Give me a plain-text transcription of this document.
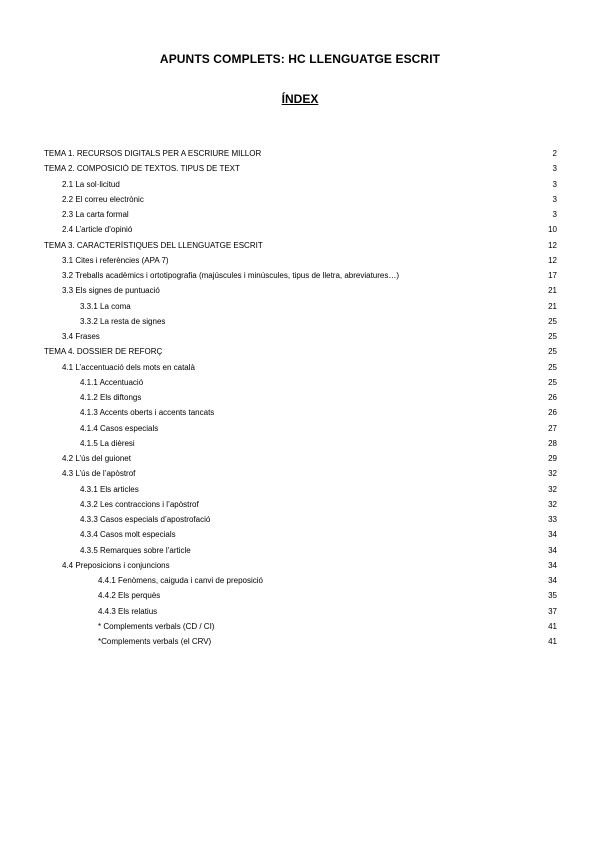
APUNTS COMPLETS: HC LLENGUATGE ESCRIT
ÍNDEX
TEMA 1. RECURSOS DIGITALS PER A ESCRIURE MILLOR	2
TEMA 2. COMPOSICIÓ DE TEXTOS. TIPUS DE TEXT	3
2.1 La sol·licitud	3
2.2 El correu electrònic	3
2.3 La carta formal	3
2.4 L’article d’opinió	10
TEMA 3. CARACTERÍSTIQUES DEL LLENGUATGE ESCRIT	12
3.1 Cites i referències (APA 7)	12
3.2 Treballs acadèmics i ortotipografia (majúscules i minúscules, tipus de lletra, abreviatures…)	17
3.3 Els signes de puntuació	21
3.3.1 La coma	21
3.3.2 La resta de signes	25
3.4 Frases	25
TEMA 4. DOSSIER DE REFORÇ	25
4.1 L’accentuació dels mots en català	25
4.1.1 Accentuació	25
4.1.2 Els diftongs	26
4.1.3 Accents oberts i accents tancats	26
4.1.4 Casos especials	27
4.1.5 La dièresi	28
4.2 L’ús del guionet	29
4.3 L’ús de l’apòstrof	32
4.3.1 Els articles	32
4.3.2 Les contraccions i l’apòstrof	32
4.3.3 Casos especials d’apostrofació	33
4.3.4 Casos molt especials	34
4.3.5 Remarques sobre l’article	34
4.4 Preposicions i conjuncions	34
4.4.1 Fenòmens, caiguda i canvi de preposició	34
4.4.2 Els perquès	35
4.4.3 Els relatius	37
* Complements verbals (CD / CI)	41
*Complements verbals (el CRV)	41
